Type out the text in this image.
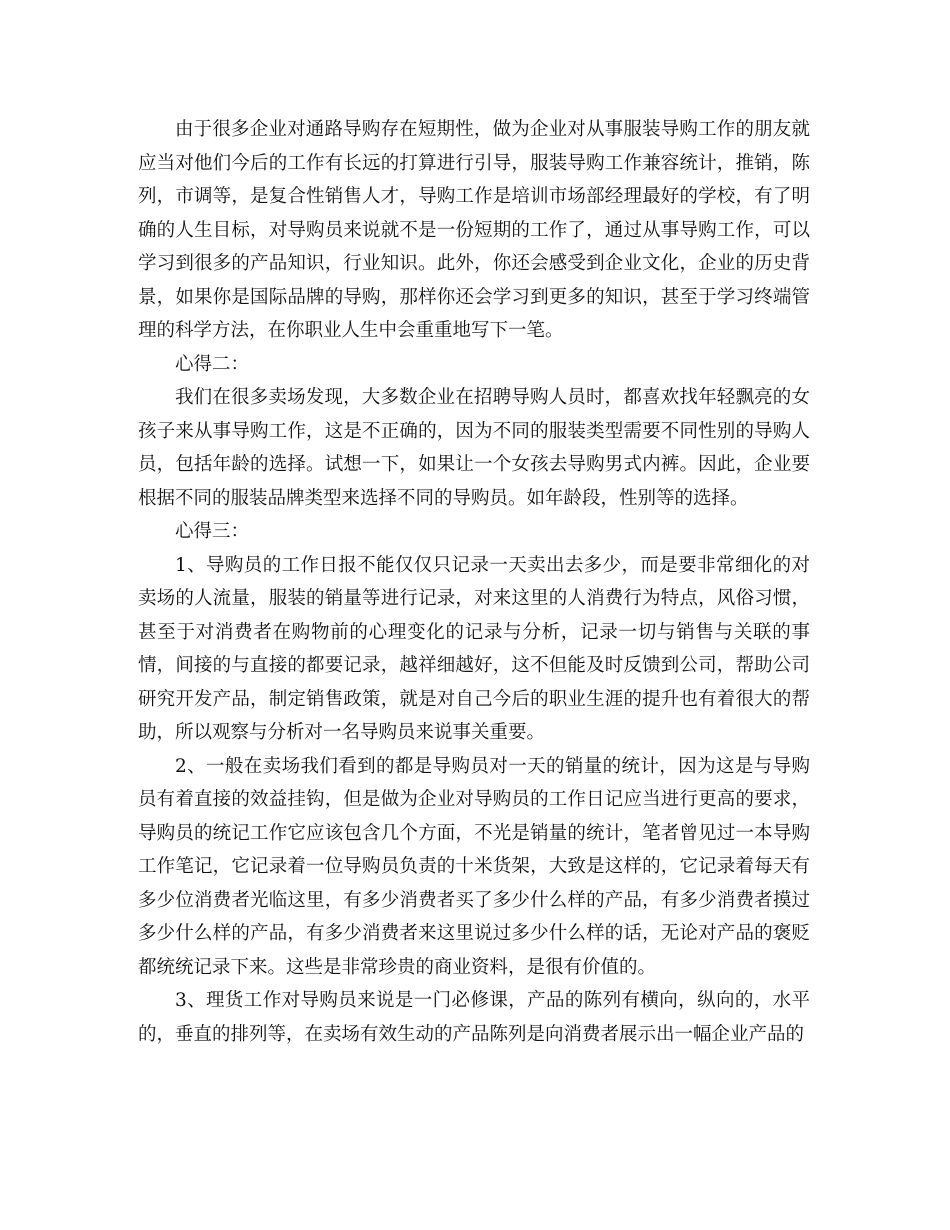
由于很多企业对通路导购存在短期性，做为企业对从事服装导购工作的朋友就应当对他们今后的工作有长远的打算进行引导，服装导购工作兼容统计，推销，陈列，市调等，是复合性销售人才，导购工作是培训市场部经理最好的学校，有了明确的人生目标，对导购员来说就不是一份短期的工作了，通过从事导购工作，可以学习到很多的产品知识，行业知识。此外，你还会感受到企业文化，企业的历史背景，如果你是国际品牌的导购，那样你还会学习到更多的知识，甚至于学习终端管理的科学方法，在你职业人生中会重重地写下一笔。

心得二：

我们在很多卖场发现，大多数企业在招聘导购人员时，都喜欢找年轻飘亮的女孩子来从事导购工作，这是不正确的，因为不同的服装类型需要不同性别的导购人员，包括年龄的选择。试想一下，如果让一个女孩去导购男式内裤。因此，企业要根据不同的服装品牌类型来选择不同的导购员。如年龄段，性别等的选择。

心得三：

1、导购员的工作日报不能仅仅只记录一天卖出去多少，而是要非常细化的对卖场的人流量，服装的销量等进行记录，对来这里的人消费行为特点，风俗习惯，甚至于对消费者在购物前的心理变化的记录与分析，记录一切与销售与关联的事情，间接的与直接的都要记录，越祥细越好，这不但能及时反馈到公司，帮助公司研究开发产品，制定销售政策，就是对自己今后的职业生涯的提升也有着很大的帮助，所以观察与分析对一名导购员来说事关重要。

2、一般在卖场我们看到的都是导购员对一天的销量的统计，因为这是与导购员有着直接的效益挂钩，但是做为企业对导购员的工作日记应当进行更高的要求，导购员的统记工作它应该包含几个方面，不光是销量的统计，笔者曾见过一本导购工作笔记，它记录着一位导购员负责的十米货架，大致是这样的，它记录着每天有多少位消费者光临这里，有多少消费者买了多少什么样的产品，有多少消费者摸过多少什么样的产品，有多少消费者来这里说过多少什么样的话，无论对产品的褒贬都统统记录下来。这些是非常珍贵的商业资料，是很有价值的。

3、理货工作对导购员来说是一门必修课，产品的陈列有横向，纵向的，水平的，垂直的排列等，在卖场有效生动的产品陈列是向消费者展示出一幅企业产品的
